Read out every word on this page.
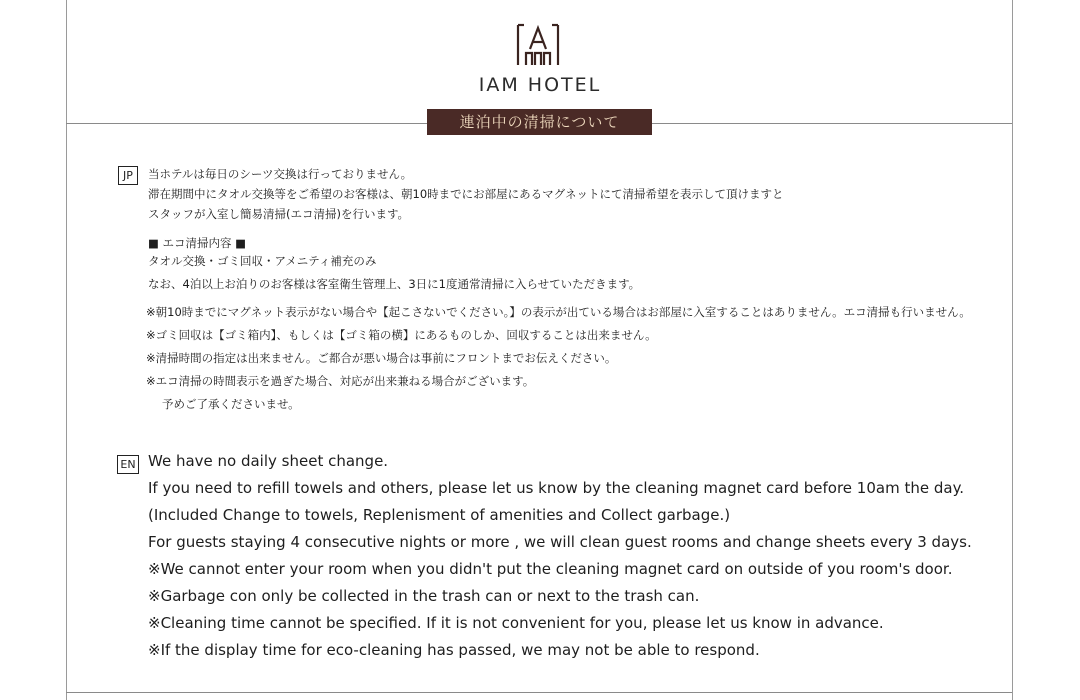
IAM HOTEL
連泊中の清掃について
JP	当ホテルは毎日のシーツ交換は行っておりません。
滞在期間中にタオル交換等をご希望のお客様は、朝10時までにお部屋にあるマグネットにて清掃希望を表示して頂けますと
スタッフが入室し簡易清掃(エコ清掃)を行います。
■ エコ清掃内容 ■
タオル交換・ゴミ回収・アメニティ補充のみ
なお、4泊以上お泊りのお客様は客室衛生管理上、3日に1度通常清掃に入らせていただきます。
※朝10時までにマグネット表示がない場合や【起こさないでください。】の表示が出ている場合はお部屋に入室することはありません。エコ清掃も行いません。
※ゴミ回収は【ゴミ箱内】、もしくは【ゴミ箱の横】にあるものしか、回収することは出来ません。
※清掃時間の指定は出来ません。ご都合が悪い場合は事前にフロントまでお伝えください。
※エコ清掃の時間表示を過ぎた場合、対応が出来兼ねる場合がございます。
予めご了承くださいませ。
EN We have no daily sheet change.
If you need to refill towels and others, please let us know by the cleaning magnet card before 10am the day.
(Included Change to towels, Replenisment of amenities and Collect garbage.)
For guests staying 4 consecutive nights or more , we will clean guest rooms and change sheets every 3 days.
※We cannot enter your room when you didn't put the cleaning magnet card on outside of you room's door.
※Garbage con only be collected in the trash can or next to the trash can.
※Cleaning time cannot be specified. If it is not convenient for you, please let us know in advance.
※If the display time for eco-cleaning has passed, we may not be able to respond.
